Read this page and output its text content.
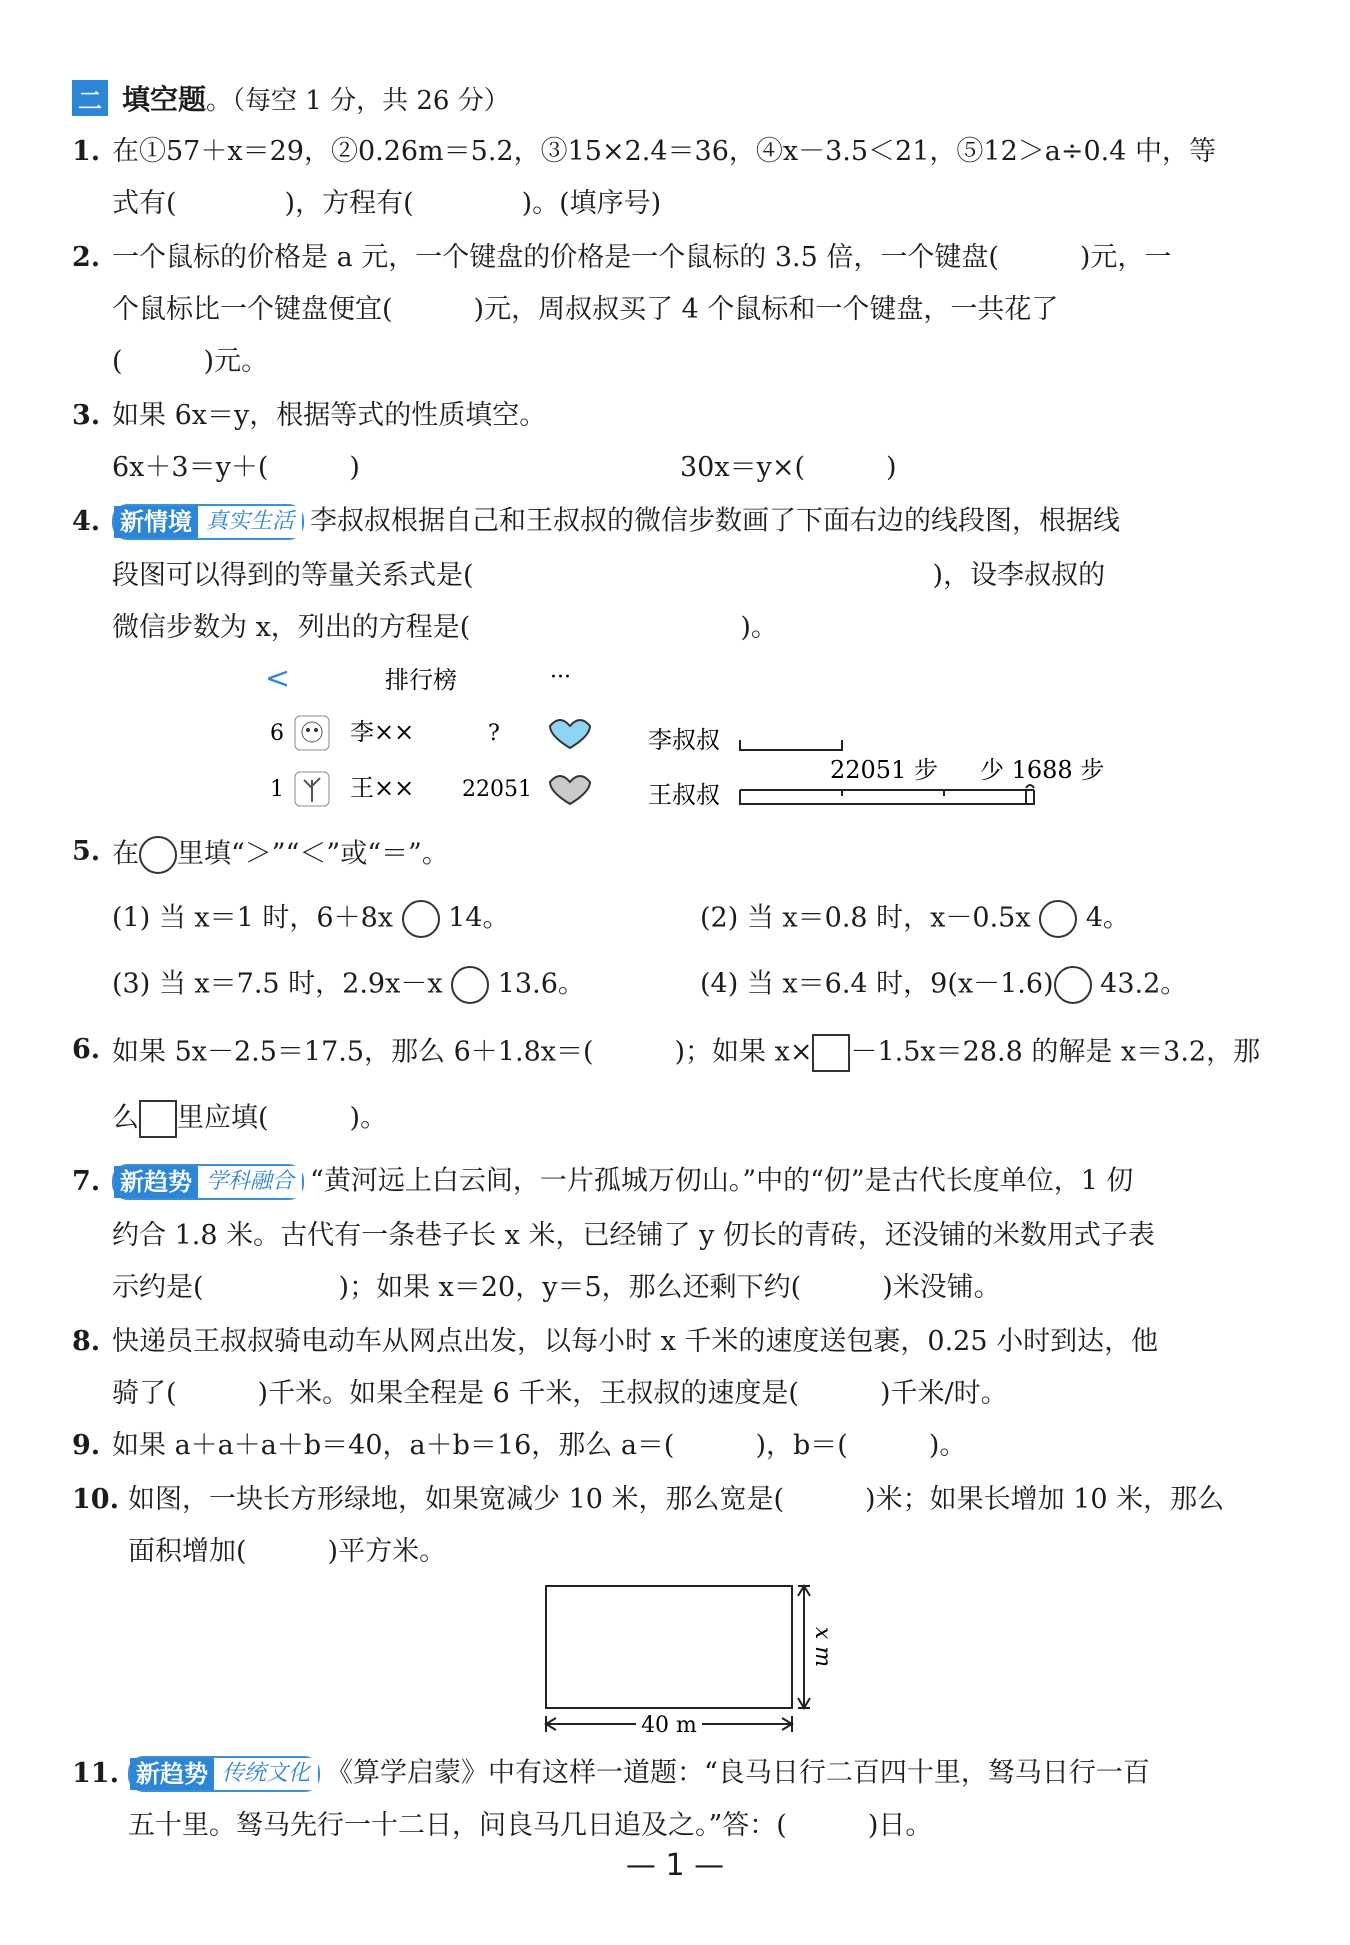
二 填空题 。（每空 1 分，共 26 分）
1. 在①57＋x＝29，②0.26m＝5.2，③15×2.4＝36，④x－3.5＜21，⑤12＞a÷0.4 中，等
式有(　　　　)，方程有(　　　　)。(填序号)
2. 一个鼠标的价格是 a 元，一个键盘的价格是一个鼠标的 3.5 倍，一个键盘(　　　)元，一
个鼠标比一个键盘便宜(　　　)元，周叔叔买了 4 个鼠标和一个键盘，一共花了
(　　　)元。
3. 如果 6x＝y，根据等式的性质填空。
6x＋3＝y＋(　　　)	30x＝y×(　　　)
4. 新情境 真实生活 李叔叔根据自己和王叔叔的微信步数画了下面右边的线段图，根据线
段图可以得到的等量关系式是(　　　　　　　　　　　　　　　　　)，设李叔叔的
微信步数为 x，列出的方程是(　　　　　　　　　　)。
<	排行榜	···
6	李××	?
1	王×× 22051
李叔叔
22051 步 少 1688 步
王叔叔
5. 在 里填“＞”“＜”或“＝”。
(1) 当 x＝1 时，6＋8x 14。	(2) 当 x＝0.8 时，x－0.5x 4。
(3) 当 x＝7.5 时，2.9x－x 13.6。	(4) 当 x＝6.4 时，9(x－1.6) 43.2。
6. 如果 5x－2.5＝17.5，那么 6＋1.8x＝(　　　)；如果 x× －1.5x＝28.8 的解是 x＝3.2，那
么 里应填(　　　)。
7. 新趋势 学科融合 “黄河远上白云间，一片孤城万仞山。”中的“仞”是古代长度单位，1 仞
约合 1.8 米。古代有一条巷子长 x 米，已经铺了 y 仞长的青砖，还没铺的米数用式子表
示约是(　　　　　)；如果 x＝20，y＝5，那么还剩下约(　　　)米没铺。
8. 快递员王叔叔骑电动车从网点出发，以每小时 x 千米的速度送包裹，0.25 小时到达，他
骑了(　　　)千米。如果全程是 6 千米，王叔叔的速度是(　　　)千米/时。
9. 如果 a＋a＋a＋b＝40，a＋b＝16，那么 a＝(　　　)，b＝(　　　)。
10. 如图，一块长方形绿地，如果宽减少 10 米，那么宽是(　　　)米；如果长增加 10 米，那么
面积增加(　　　)平方米。
x m
40 m
11. 新趋势 传统文化 《算学启蒙》中有这样一道题：“良马日行二百四十里，驽马日行一百
五十里。驽马先行一十二日，问良马几日追及之。”答：(　　　)日。
— 1 —
